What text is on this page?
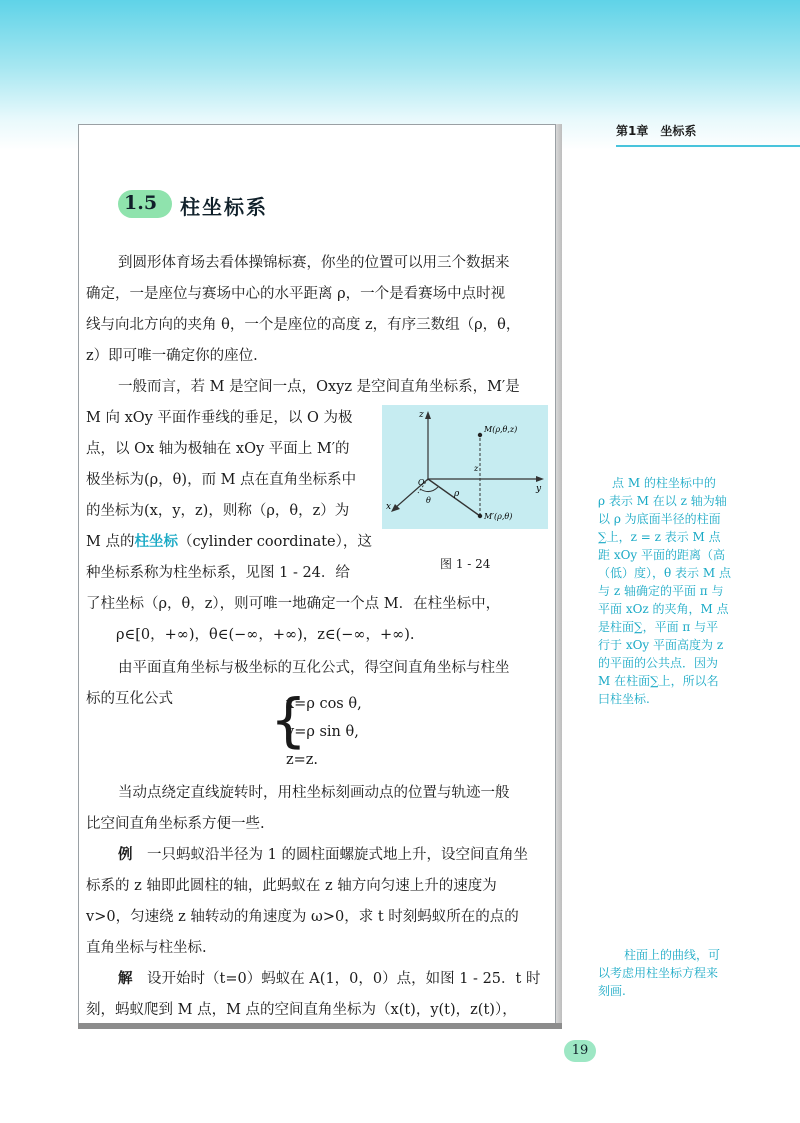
第1章　坐标系
1.5 柱坐标系
到圆形体育场去看体操锦标赛，你坐的位置可以用三个数据来
确定，一是座位与赛场中心的水平距离 ρ，一个是看赛场中点时视
线与向北方向的夹角 θ，一个是座位的高度 z，有序三数组（ρ，θ，
z）即可唯一确定你的座位.
一般而言，若 M 是空间一点，Oxyz 是空间直角坐标系，M′是
M 向 xOy 平面作垂线的垂足，以 O 为极
点，以 Ox 轴为极轴在 xOy 平面上 M′的
极坐标为(ρ，θ)，而 M 点在直角坐标系中
的坐标为(x，y，z)，则称（ρ，θ，z）为
M 点的柱坐标（cylinder coordinate），这
种坐标系称为柱坐标系，见图 1 - 24．给
了柱坐标（ρ，θ，z），则可唯一地确定一个点 M．在柱坐标中，
ρ∈[0，+∞)，θ∈(−∞，+∞)，z∈(−∞，+∞).
M(ρ,θ,z)
M′(ρ,θ)
z
y
x
O
θ
ρ
z
图 1 - 24
由平面直角坐标与极坐标的互化公式，得空间直角坐标与柱坐
标的互化公式 {
x=ρ cos θ,
y=ρ sin θ,
z=z.
当动点绕定直线旋转时，用柱坐标刻画动点的位置与轨迹一般
比空间直角坐标系方便一些.
例　 一只蚂蚁沿半径为 1 的圆柱面螺旋式地上升，设空间直角坐
标系的 z 轴即此圆柱的轴，此蚂蚁在 z 轴方向匀速上升的速度为
v>0，匀速绕 z 轴转动的角速度为 ω>0，求 t 时刻蚂蚁所在的点的
直角坐标与柱坐标.
解　 设开始时（t=0）蚂蚁在 A(1，0，0）点，如图 1 - 25．t 时
刻，蚂蚁爬到 M 点，M 点的空间直角坐标为（x(t)，y(t)，z(t)），
点 M 的柱坐标中的
ρ 表示 M 在以 z 轴为轴
以 ρ 为底面半径的柱面
∑上，z = z 表示 M 点
距 xOy 平面的距离（高
（低）度），θ 表示 M 点
与 z 轴确定的平面 π 与
平面 xOz 的夹角，M 点
是柱面∑，平面 π 与平
行于 xOy 平面高度为 z
的平面的公共点．因为
M 在柱面∑上，所以名
曰柱坐标.
柱面上的曲线，可
以考虑用柱坐标方程来
刻画.
19
